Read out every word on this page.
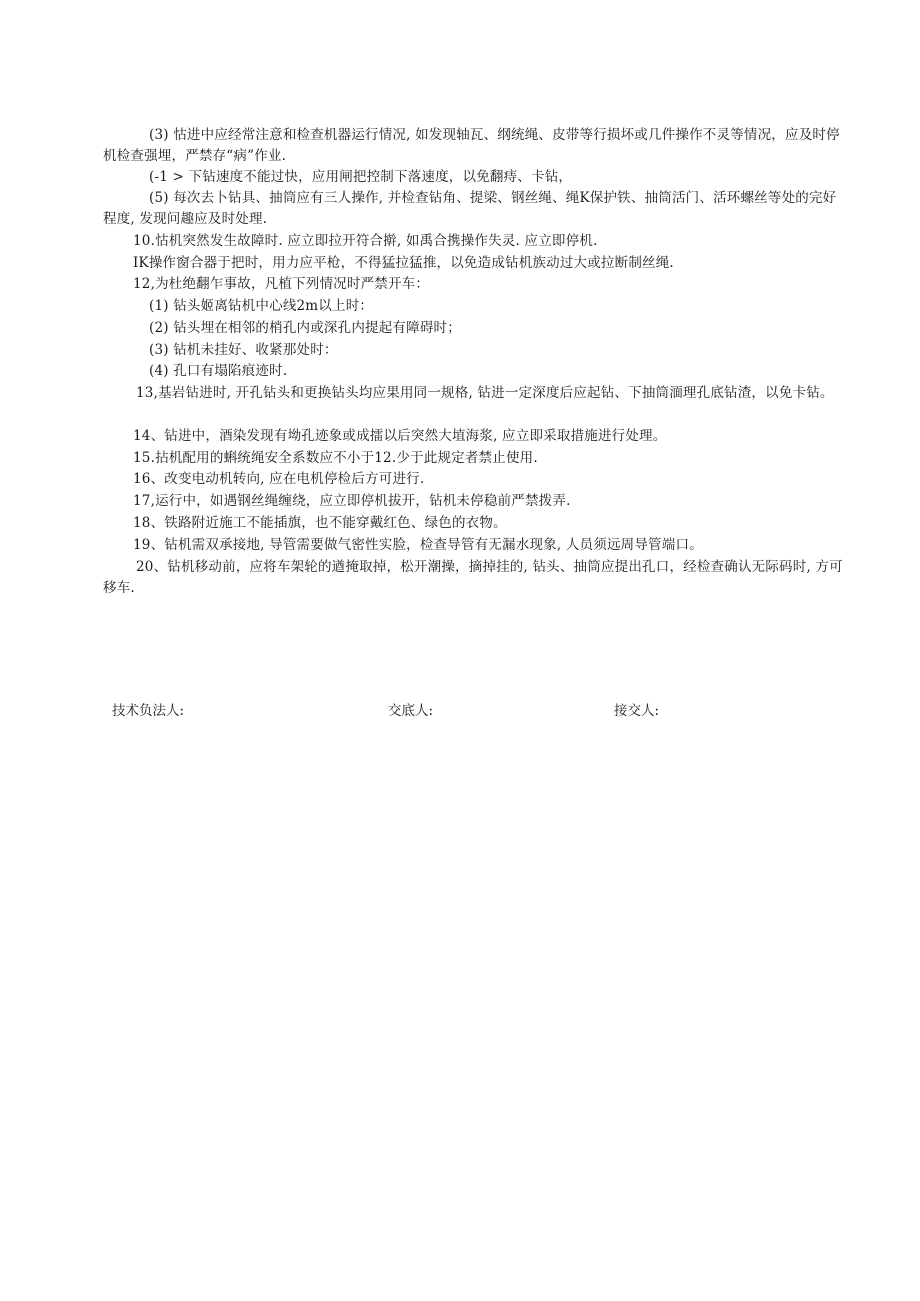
(3) 怙进中应经常注意和检查机器运行情况, 如发现轴瓦、纲统绳、皮带等行损坏或几件操作不灵等情况，应及时停机检查强埋，严禁存“病”作业.
(-1 > 下钻速度不能过快，应用闸把控制下落速度，以免翻痔、卡钻，
(5) 每次去卜钻具、抽筒应有三人操作, 并检查钻角、提梁、钢丝绳、绳K保护铁、抽筒活门、活环螺丝等处的完好程度, 发现问趣应及时处理.
10.怙机突然发生故障时. 应立即拉开符合擀, 如禹合携操作失灵. 应立即停机.
IK操作窗合器于把时，用力应平枪，不得猛拉猛推，以免造成钻机族动过大或拉断制丝绳.
12,为杜绝翻乍事故，凡植下列情况时严禁开车：
(1) 钻头姬离钻机中心线2m以上时：
(2) 钻头埋在相邻的梢孔内或深孔内提起有障碍时；
(3) 钻机未挂好、收紧那处时：
(4) 孔口有塌陷痕迹时.
13,基岩钻进时, 开孔钻头和更换钻头均应果用同一规格, 钻进一定深度后应起钻、下抽筒湎理孔底钻渣，以免卡钻。
14、钻进中，酒染发现有坳孔迹象或成擂以后突然大埴海浆, 应立即采取措施进行处理。
15.拈机配用的蝌统绳安全系数应不小于12.少于此规定者禁止使用.
16、改变电动机转向, 应在电机停检后方可进行.
17,运行中，如遇钢丝绳缠绕，应立即停机拔开，钻机未停稳前严禁拨弄.
18、铁路附近施工不能插旗，也不能穿戴红色、绿色的衣物。
19、钻机需双承接地, 导管需要做气密性实脸，检查导管有无漏水现象, 人员须远周导管端口。
20、钻机移动前，应将车架轮的遒掩取掉，松开潮操，摘掉挂的, 钻头、抽筒应提出孔口，经检查确认无际码时, 方可移车.
技术负法人:	交底人:	接交人:
